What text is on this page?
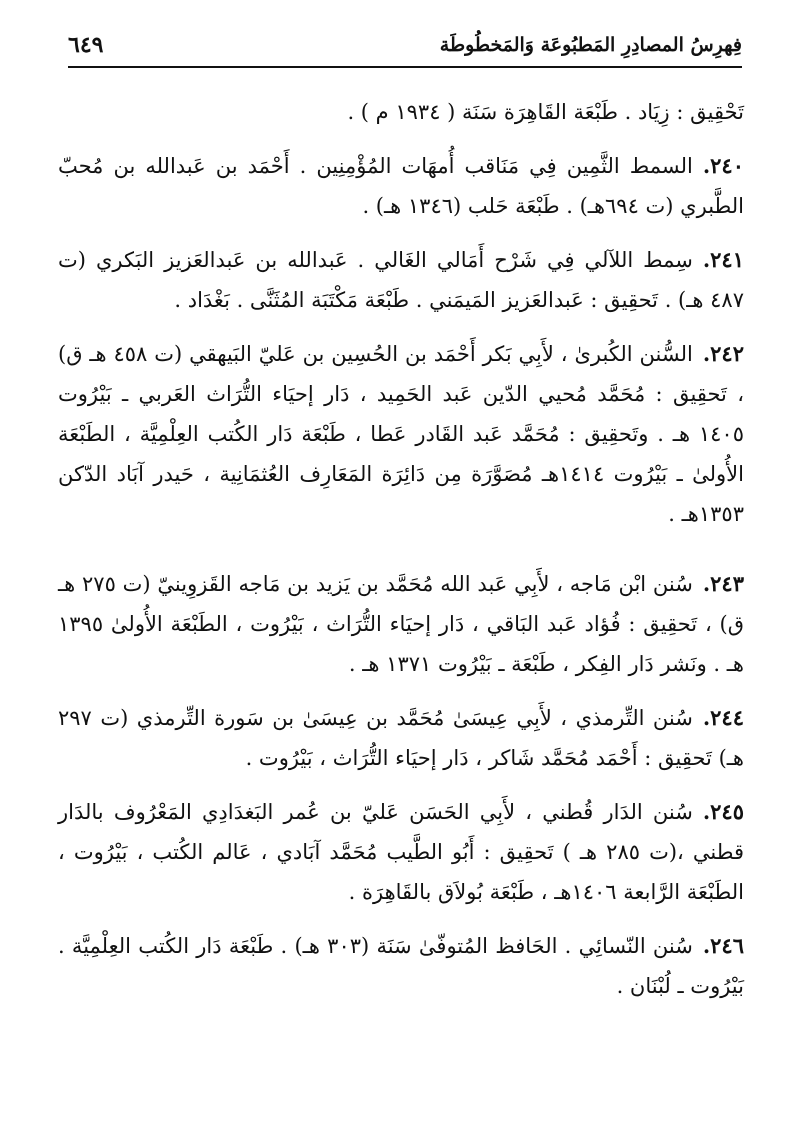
فِهرِسُ المصادِرِ المَطبُوعَة وَالمَخطُوطَة
٦٤٩

تَحْقِيق : زِيَاد . طَبْعَة القَاهِرَة سَنَة ( ١٩٣٤ م ) .

٢٤٠.السمط الثَّمِين فِي مَنَاقب أُمهَات المُؤْمِنِين . أَحْمَد بن عَبدالله بن مُحبّ الطَّبري (ت ٦٩٤هـ) . طَبْعَة حَلب (١٣٤٦ هـ) .

٢٤١.سِمط اللآلي فِي شَرْح أَمَالي الغَالي . عَبدالله بن عَبدالعَزيز البَكري (ت ٤٨٧ هـ) . تَحقِيق : عَبدالعَزيز المَيمَني . طَبْعَة مَكْتَبَة المُثَنَّى . بَغْدَاد .

٢٤٢.السُّنن الكُبرىٰ ، لأَبِي بَكر أَحْمَد بن الحُسِين بن عَليّ البَيهقي (ت ٤٥٨ هـ ق) ، تَحقِيق : مُحَمَّد مُحيي الدّين عَبد الحَمِيد ، دَار إحيَاء التُّرَاث العَربي ـ بَيْرُوت ١٤٠٥ هـ . وتَحقِيق : مُحَمَّد عَبد القَادر عَطا ، طَبْعَة دَار الكُتب العِلْمِيَّة ، الطَبْعَة الأُولىٰ ـ بَيْرُوت ١٤١٤هـ مُصَوَّرَة مِن دَائِرَة المَعَارِف العُثمَانِية ، حَيدر آبَاد الدّكن ١٣٥٣هـ .

٢٤٣.سُنن ابْن مَاجه ، لأَبِي عَبد الله مُحَمَّد بن يَزيد بن مَاجه القَزوِينيّ (ت ٢٧٥ هـ ق) ، تَحقِيق : فُؤاد عَبد البَاقي ، دَار إحيَاء التُّرَاث ، بَيْرُوت ، الطَبْعَة الأُولىٰ ١٣٩٥ هـ . ونَشر دَار الفِكر ، طَبْعَة ـ بَيْرُوت ١٣٧١ هـ .

٢٤٤.سُنن التِّرمذي ، لأَبِي عِيسَىٰ مُحَمَّد بن عِيسَىٰ بن سَورة التِّرمذي (ت ٢٩٧ هـ) تَحقِيق : أَحْمَد مُحَمَّد شَاكر ، دَار إحيَاء التُّرَاث ، بَيْرُوت .

٢٤٥.سُنن الدَار قُطني ، لأَبِي الحَسَن عَليّ بن عُمر البَغدَادِي المَعْرُوف بالدَار قطني ،(ت ٢٨٥ هـ ) تَحقِيق : أَبُو الطَّيب مُحَمَّد آبَادي ، عَالم الكُتب ، بَيْرُوت ، الطَبْعَة الرَّابعة ١٤٠٦هـ ، طَبْعَة بُولاَق بالقَاهِرَة .

٢٤٦.سُنن النّسائِي . الحَافظ المُتوفّىٰ سَنَة (٣٠٣ هـ) . طَبْعَة دَار الكُتب العِلْمِيَّة . بَيْرُوت ـ لُبْنَان .
